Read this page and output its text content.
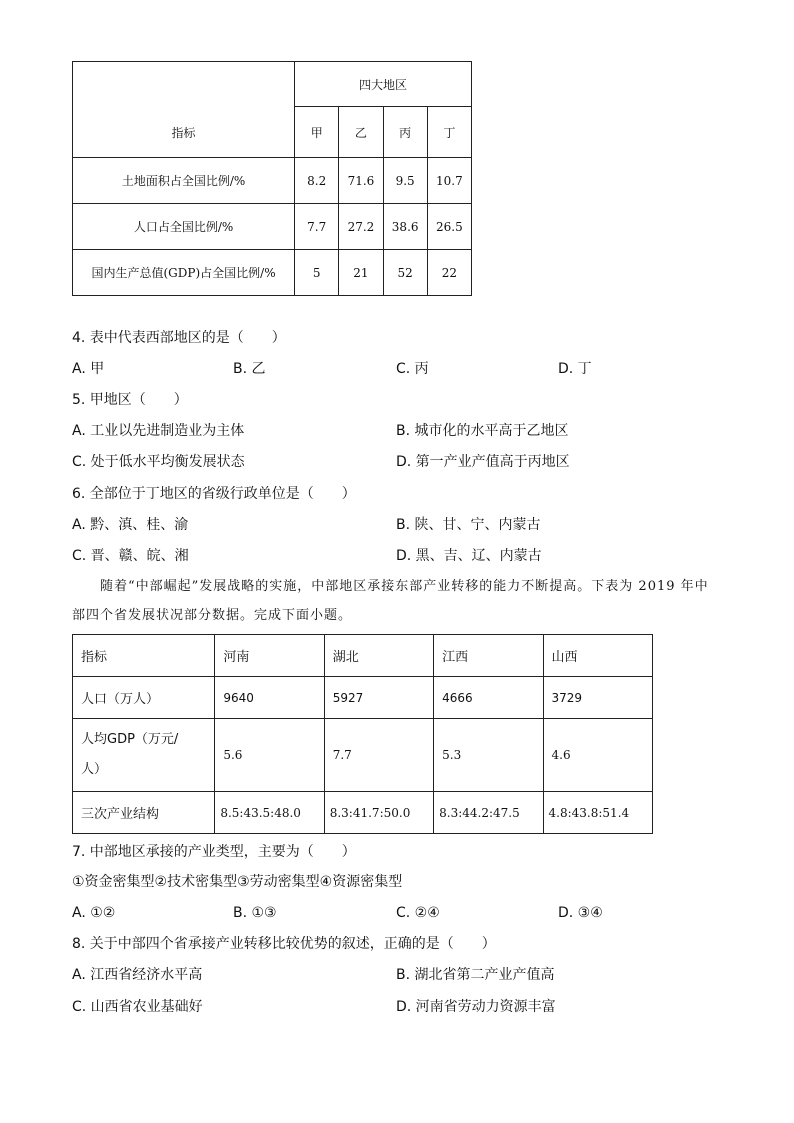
指标	四大地区			
	甲	乙	丙	丁
土地面积占全国比例/%	8.2	71.6	9.5	10.7
人口占全国比例/%	7.7	27.2	38.6	26.5
国内生产总值(GDP)占全国比例/%	5	21	52	22
4. 表中代表西部地区的是（　　）
A. 甲	B. 乙	C. 丙	D. 丁
5. 甲地区（　　）
A. 工业以先进制造业为主体	B. 城市化的水平高于乙地区
C. 处于低水平均衡发展状态	D. 第一产业产值高于丙地区
6. 全部位于丁地区的省级行政单位是（　　）
A. 黔、滇、桂、渝	B. 陕、甘、宁、内蒙古
C. 晋、赣、皖、湘	D. 黑、吉、辽、内蒙古
随着“中部崛起”发展战略的实施，中部地区承接东部产业转移的能力不断提高。下表为 2019 年中
部四个省发展状况部分数据。完成下面小题。
指标	河南	湖北	江西	山西
人口（万人）	9640	5927	4666	3729

人均GDP（万元/
人）	5.6	7.7	5.3	4.6
三次产业结构	8.5:43.5:48.0	8.3:41.7:50.0	8.3:44.2:47.5	4.8:43.8:51.4
7. 中部地区承接的产业类型，主要为（　　）
①资金密集型②技术密集型③劳动密集型④资源密集型
A. ①②	B. ①③	C. ②④	D. ③④
8. 关于中部四个省承接产业转移比较优势的叙述，正确的是（　　）
A. 江西省经济水平高	B. 湖北省第二产业产值高
C. 山西省农业基础好	D. 河南省劳动力资源丰富
